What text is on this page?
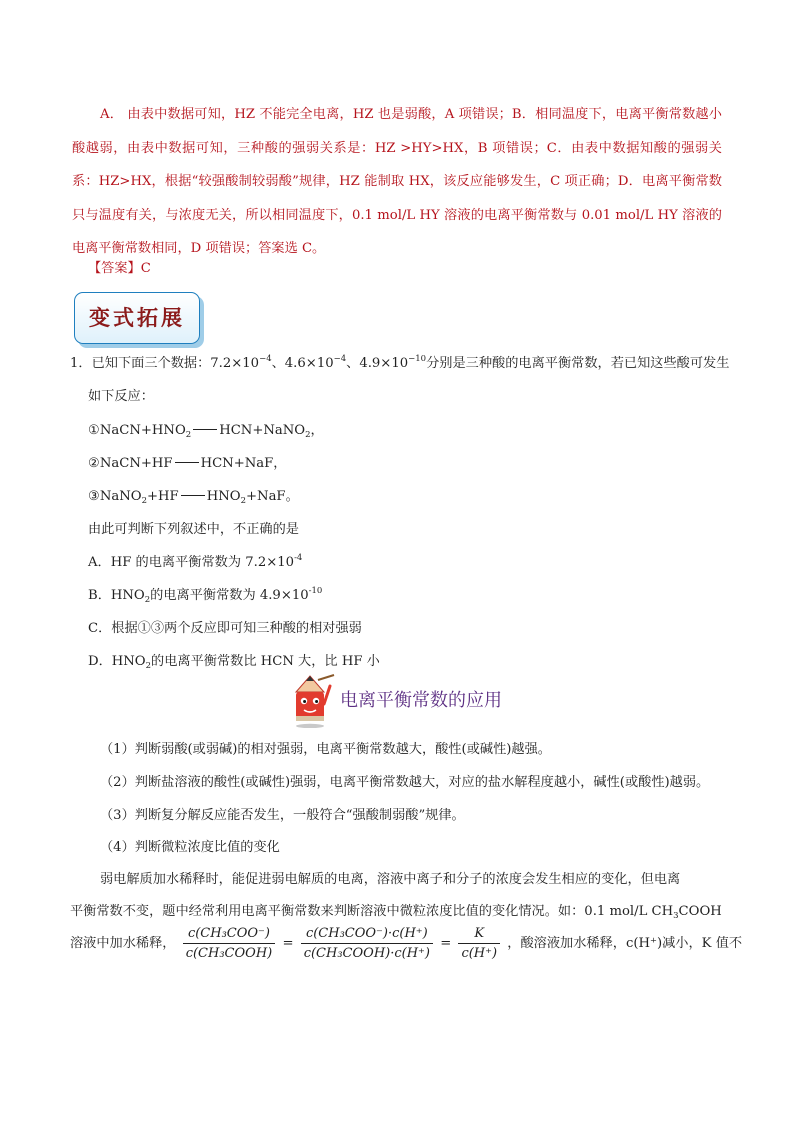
A． 由表中数据可知，HZ 不能完全电离，HZ 也是弱酸，A 项错误；B．相同温度下，电离平衡常数越小酸越弱，由表中数据可知，三种酸的强弱关系是：HZ >HY>HX，B 项错误；C．由表中数据知酸的强弱关系：HZ>HX，根据“较强酸制较弱酸”规律，HZ 能制取 HX，该反应能够发生，C 项正确；D．电离平衡常数只与温度有关，与浓度无关，所以相同温度下，0.1 mol/L HY 溶液的电离平衡常数与 0.01 mol/L HY 溶液的电离平衡常数相同，D 项错误；答案选 C。
【答案】C
变式拓展
1．已知下面三个数据：$7.2\times 10^{-4}$、$4.6\times 10^{-4}$、$4.9\times 10^{-10}$分别是三种酸的电离平衡常数，若已知这些酸可发生
如下反应：
$①NaCN+HNO_2$ HCN+NaNO$_2$，
②NaCN+HF HCN+NaF，
③NaNO$_2$+HF $HNO_2+NaF$。
由此可判断下列叙述中，不正确的是
A．HF 的电离平衡常数为 $7.2\times 10^{-4}$
B．$HNO_2$的电离平衡常数为 $4.9\times 10^{-10}$
C．根据①③两个反应即可知三种酸的相对强弱
D．$HNO_2$的电离平衡常数比 HCN 大，比 HF 小
电离平衡常数的应用
（1）判断弱酸(或弱碱)的相对强弱，电离平衡常数越大，酸性(或碱性)越强。
（2）判断盐溶液的酸性(或碱性)强弱，电离平衡常数越大，对应的盐水解程度越小，碱性(或酸性)越弱。
（3）判断复分解反应能否发生，一般符合“强酸制弱酸”规律。
（4）判断微粒浓度比值的变化
弱电解质加水稀释时，能促进弱电解质的电离，溶液中离子和分子的浓度会发生相应的变化，但电离
平衡常数不变，题中经常利用电离平衡常数来判断溶液中微粒浓度比值的变化情况。如：0.1 mol/L $CH_3COOH$
溶液中加水稀释， $\frac{\text{c(CH₃COO⁻)}}{\text{c(CH₃COOH)}} = \frac{\text{c(CH₃COO⁻)·c(H⁺)}}{\text{c(CH₃COOH)·c(H⁺)}} = \frac{K}{c(H^+)}$ ，酸溶液加水稀释，c(H⁺)减小，K 值不
